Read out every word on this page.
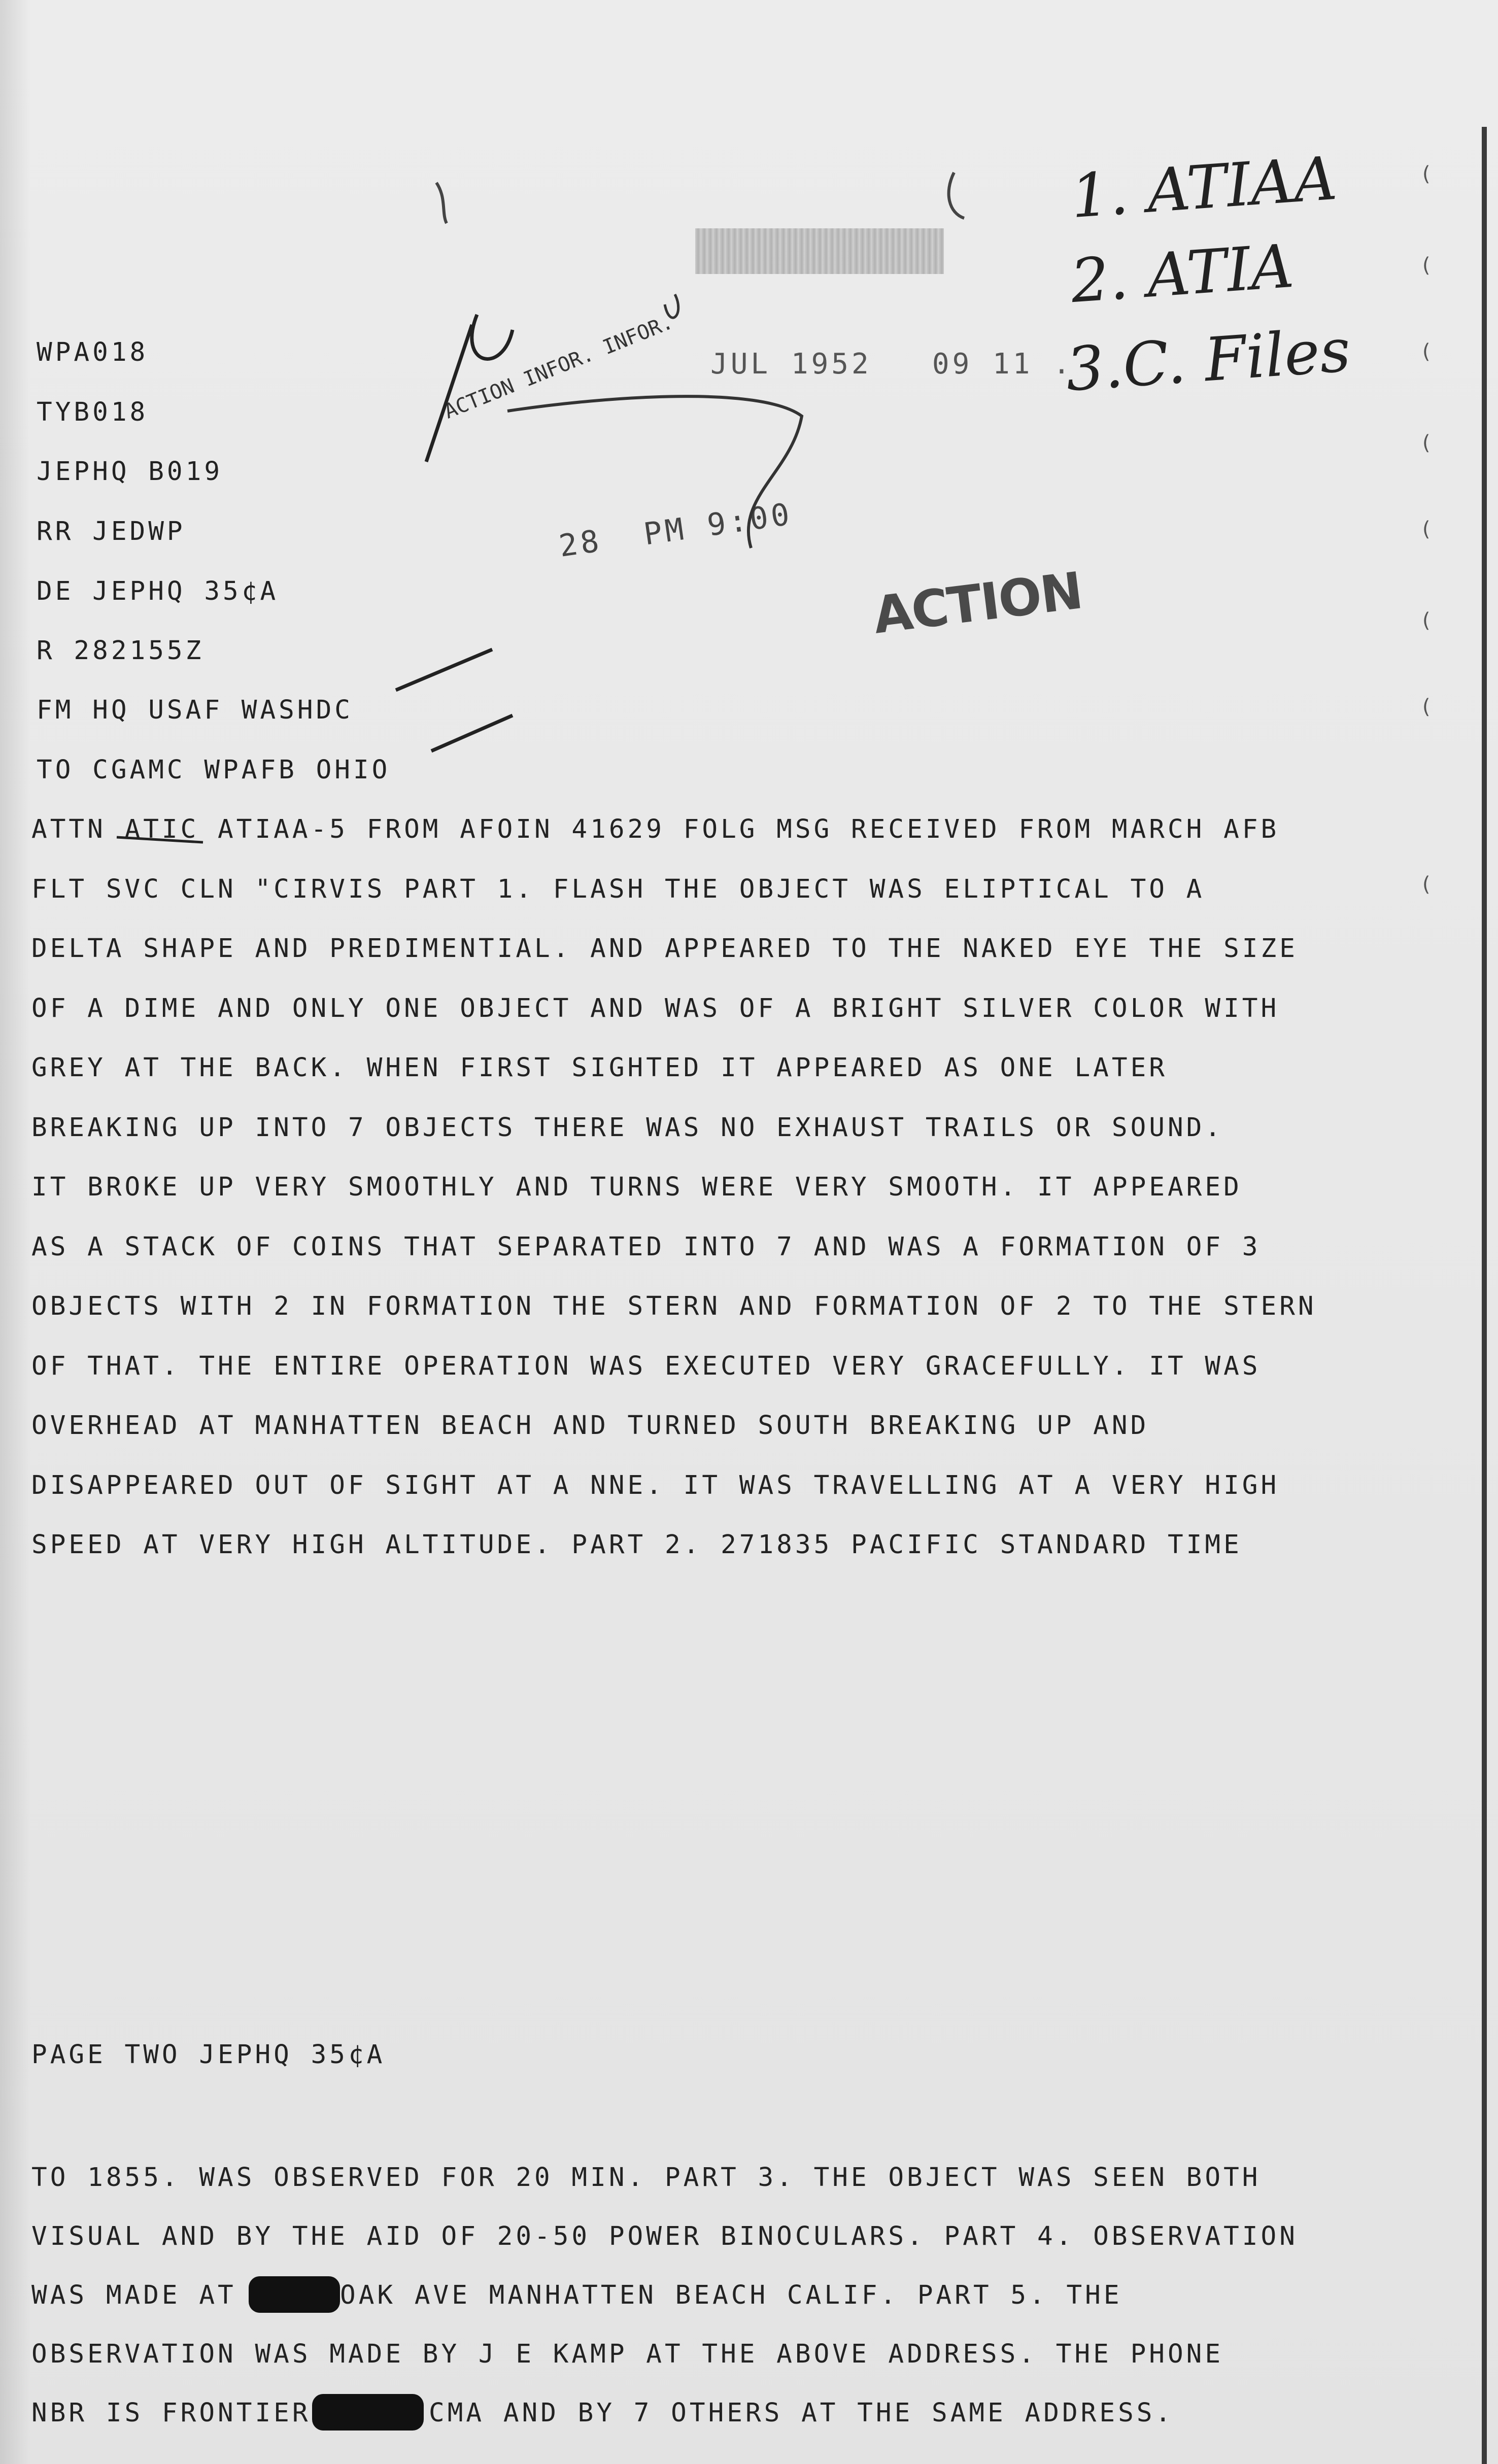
(
(
(
(
(
(
(
(
WPA018
TYB018
JEPHQ B019
RR JEDWP
DE JEPHQ 35¢A
R 282155Z
FM HQ USAF WASHDC
TO CGAMC WPAFB OHIO
JUL 1952   09 11 .
28  PM 9:00
ACTION
ACTION INFOR. INFOR.
1. ATIAA
2. ATIA
3.C. Files
ATTN ATIC ATIAA-5 FROM AFOIN 41629 FOLG MSG RECEIVED FROM MARCH AFB
FLT SVC CLN "CIRVIS PART 1. FLASH THE OBJECT WAS ELIPTICAL TO A
DELTA SHAPE AND PREDIMENTIAL. AND APPEARED TO THE NAKED EYE THE SIZE
OF A DIME AND ONLY ONE OBJECT AND WAS OF A BRIGHT SILVER COLOR WITH
GREY AT THE BACK. WHEN FIRST SIGHTED IT APPEARED AS ONE LATER
BREAKING UP INTO 7 OBJECTS THERE WAS NO EXHAUST TRAILS OR SOUND.
IT BROKE UP VERY SMOOTHLY AND TURNS WERE VERY SMOOTH. IT APPEARED
AS A STACK OF COINS THAT SEPARATED INTO 7 AND WAS A FORMATION OF 3
OBJECTS WITH 2 IN FORMATION THE STERN AND FORMATION OF 2 TO THE STERN
OF THAT. THE ENTIRE OPERATION WAS EXECUTED VERY GRACEFULLY. IT WAS
OVERHEAD AT MANHATTEN BEACH AND TURNED SOUTH BREAKING UP AND
DISAPPEARED OUT OF SIGHT AT A NNE. IT WAS TRAVELLING AT A VERY HIGH
SPEED AT VERY HIGH ALTITUDE. PART 2. 271835 PACIFIC STANDARD TIME
PAGE TWO JEPHQ 35¢A
TO 1855. WAS OBSERVED FOR 20 MIN. PART 3. THE OBJECT WAS SEEN BOTH
VISUAL AND BY THE AID OF 20-50 POWER BINOCULARS. PART 4. OBSERVATION
WAS MADE AT	OAK AVE MANHATTEN BEACH CALIF. PART 5. THE
OBSERVATION WAS MADE BY J E KAMP AT THE ABOVE ADDRESS. THE PHONE
NBR IS FRONTIER	CMA AND BY 7 OTHERS AT THE SAME ADDRESS.
